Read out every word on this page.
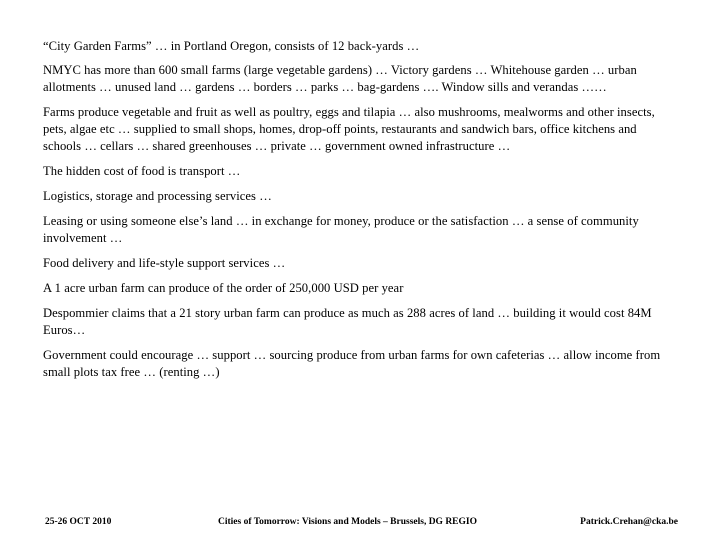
“City Garden Farms” … in Portland Oregon, consists of 12 back-yards …

NMYC has more than 600 small farms (large vegetable gardens) … Victory gardens … Whitehouse garden … urban allotments … unused land … gardens … borders … parks … bag-gardens …. Window sills and verandas ……

Farms produce vegetable and fruit as well as poultry, eggs and tilapia … also mushrooms, mealworms and other insects, pets, algae etc … supplied to small shops, homes, drop-off points, restaurants and sandwich bars, office kitchens and schools … cellars … shared greenhouses … private … government owned infrastructure …

The hidden cost of food is transport …

Logistics, storage and processing services …

Leasing or using someone else’s land … in exchange for money, produce or the satisfaction … a sense of community involvement …

Food delivery and life-style support services …

A 1 acre urban farm can produce of the order of 250,000 USD per year

Despommier claims that a 21 story urban farm can produce as much as 288 acres of land … building it would cost 84M Euros…

Government could encourage … support … sourcing produce from urban farms for own cafeterias … allow income from small plots tax free … (renting …)

25-26 OCT 2010	Cities of Tomorrow: Visions and Models – Brussels, DG REGIO	Patrick.Crehan@cka.be
